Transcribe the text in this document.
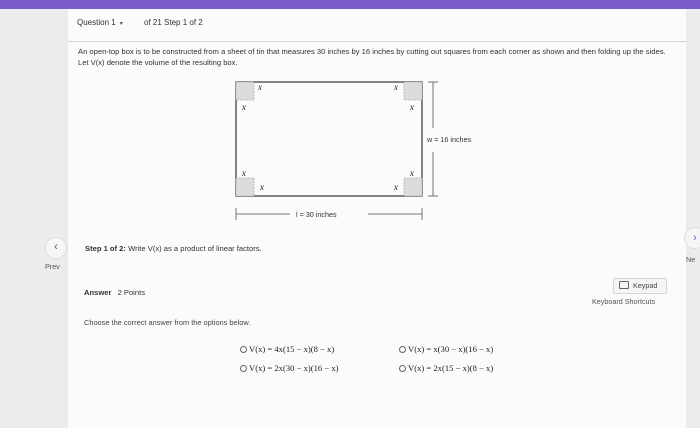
Question 1 ▾	of 21 Step 1 of 2
An open-top box is to be constructed from a sheet of tin that measures 30 inches by 16 inches by cutting out squares from each corner as shown and then folding up the sides. Let V(x) denote the volume of the resulting box.
x
x
x
x
x
x
x
x
w = 16 inches
l = 30 inches
‹
Prev
›
Ne
Step 1 of 2: Write V(x) as a product of linear factors.
Answer 2 Points
Keypad
Keyboard Shortcuts
Choose the correct answer from the options below.
V(x) = 4x(15 − x)(8 − x)	V(x) = x(30 − x)(16 − x)
V(x) = 2x(30 − x)(16 − x)	V(x) = 2x(15 − x)(8 − x)
